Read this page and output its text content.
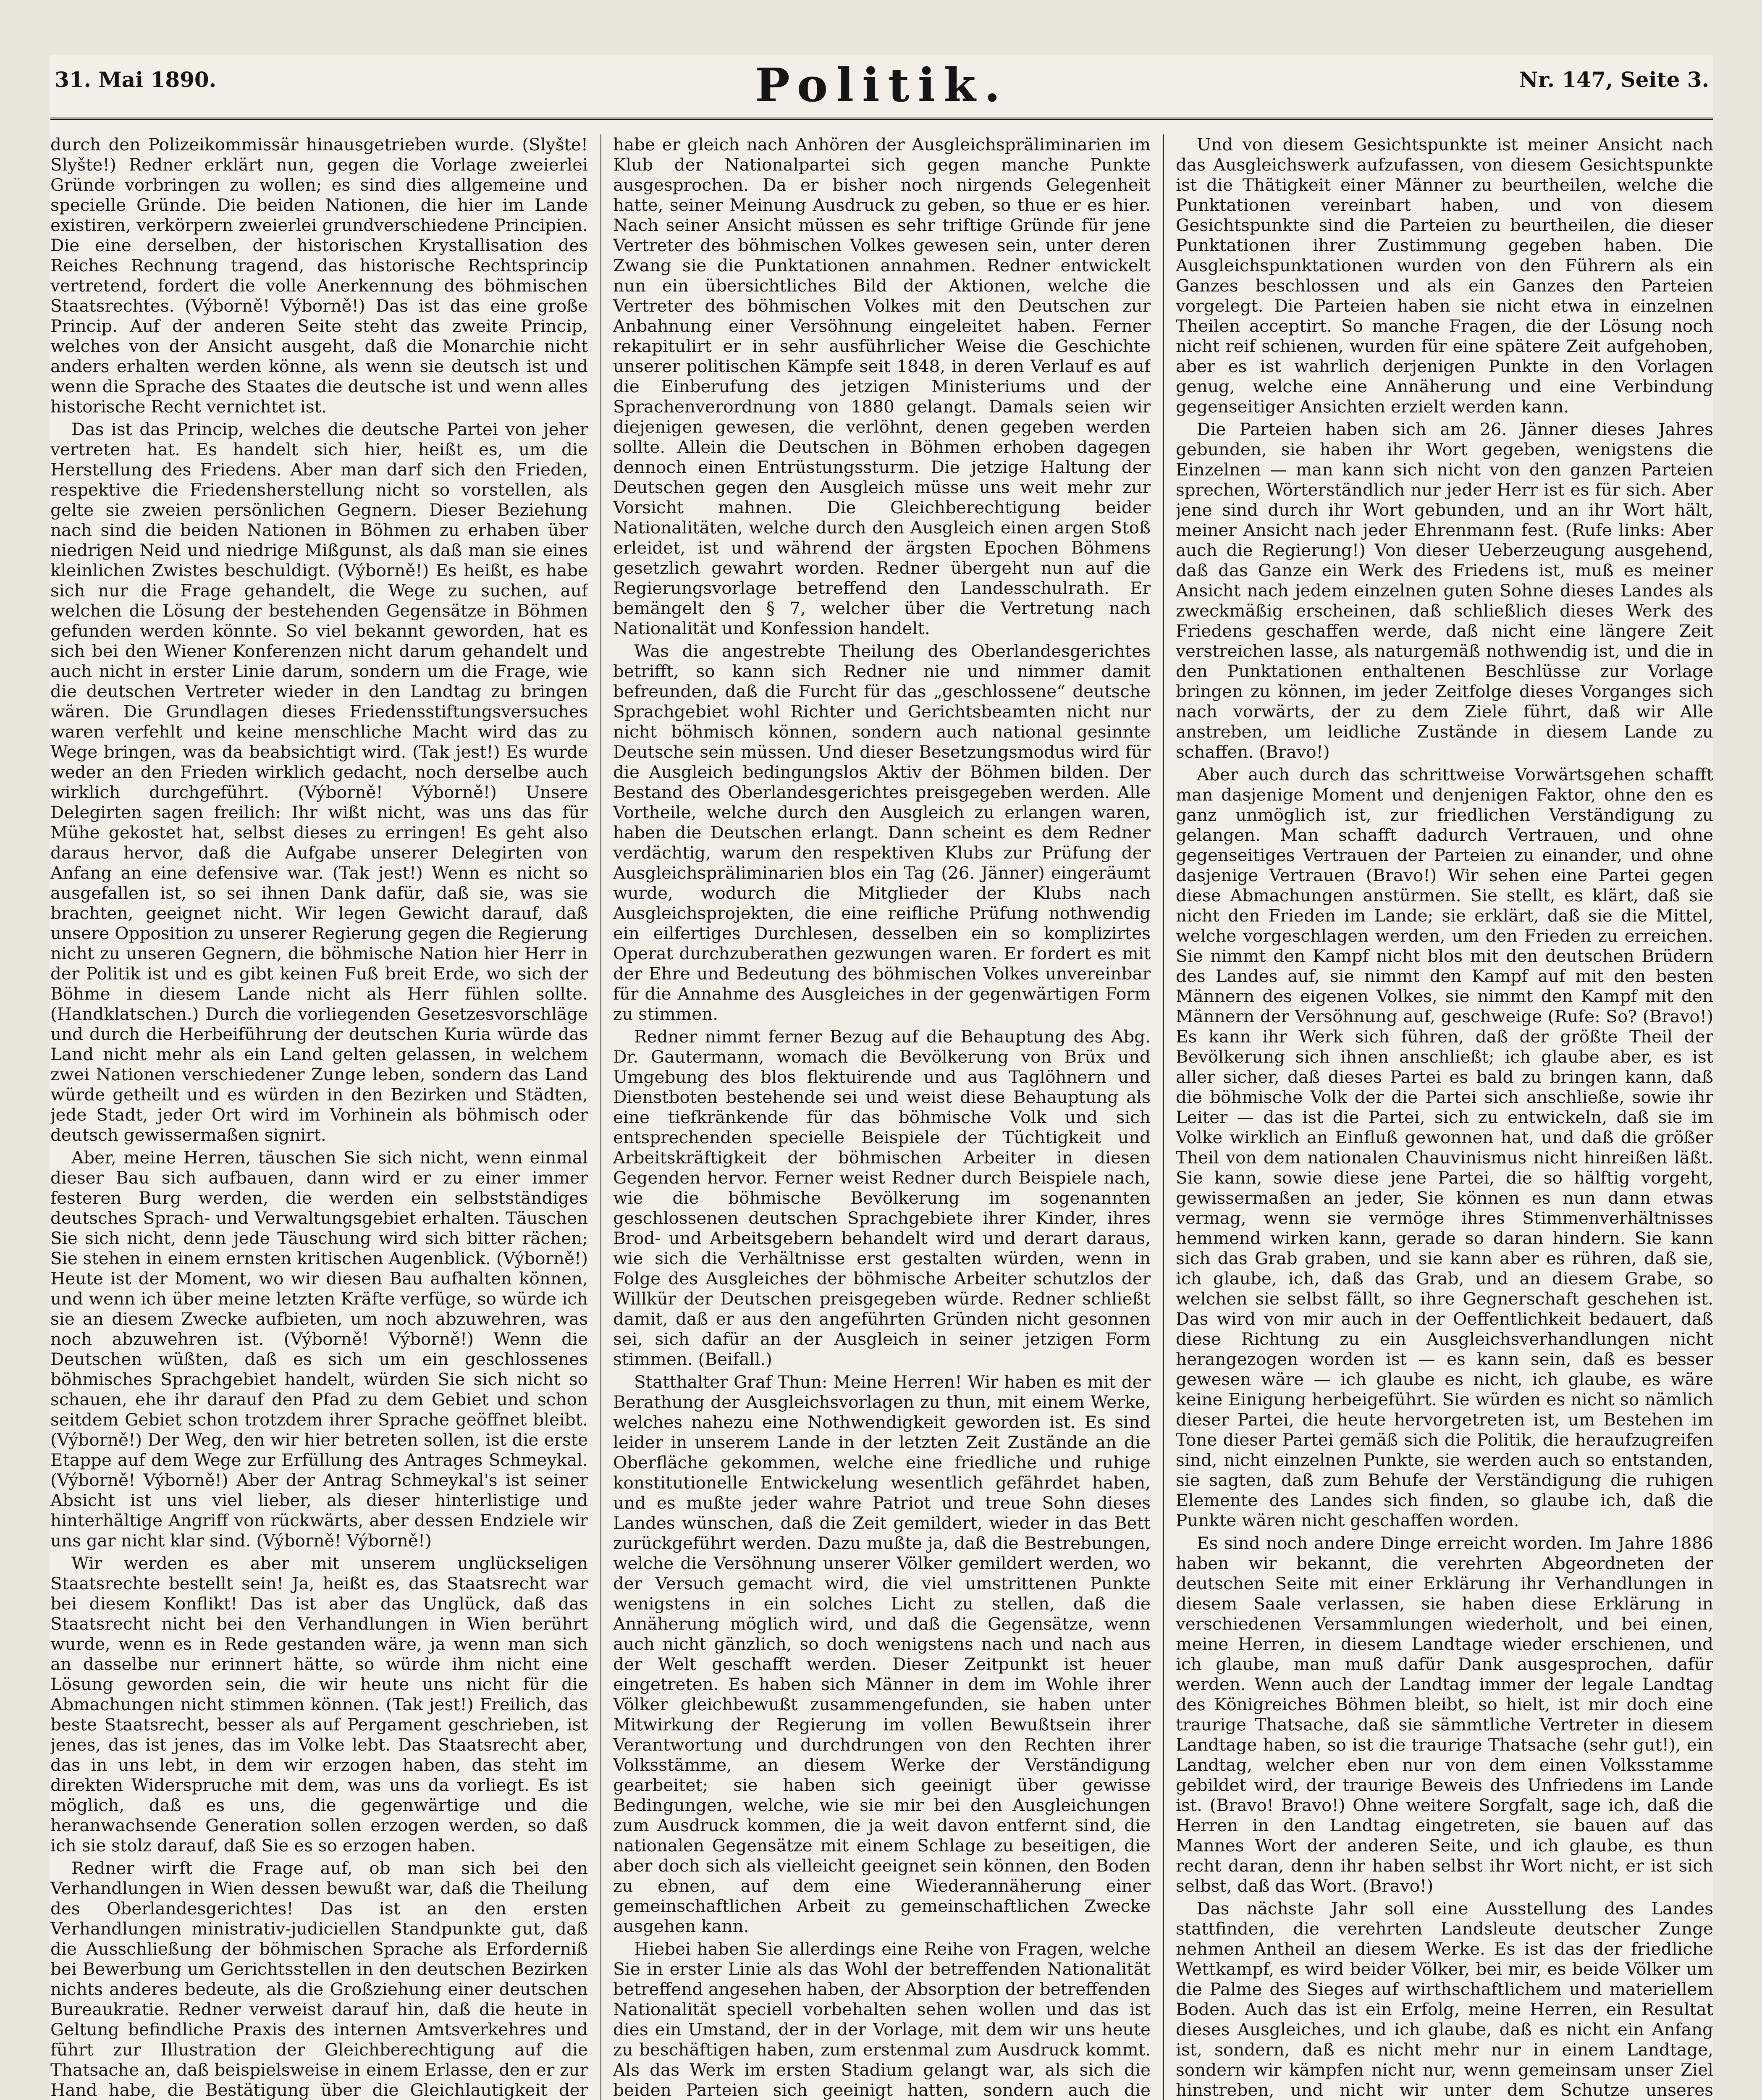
31. Mai 1890.	Politik.	Nr. 147, Seite 3.

durch den Polizeikommissär hinausgetrieben wurde. (Slyšte! Slyšte!) Redner erklärt nun, gegen die Vorlage zweierlei Gründe vorbringen zu wollen; es sind dies allgemeine und specielle Gründe. Die beiden Nationen, die hier im Lande existiren, verkörpern zweierlei grundverschiedene Principien. Die eine derselben, der historischen Krystallisation des Reiches Rechnung tragend, das historische Rechtsprincip vertretend, fordert die volle Anerkennung des böhmischen Staatsrechtes. (Výborně! Výborně!) Das ist das eine große Princip. Auf der anderen Seite steht das zweite Princip, welches von der Ansicht ausgeht, daß die Monarchie nicht anders erhalten werden könne, als wenn sie deutsch ist und wenn die Sprache des Staates die deutsche ist und wenn alles historische Recht vernichtet ist.

Das ist das Princip, welches die deutsche Partei von jeher vertreten hat. Es handelt sich hier, heißt es, um die Herstellung des Friedens. Aber man darf sich den Frieden, respektive die Friedensherstellung nicht so vorstellen, als gelte sie zweien persönlichen Gegnern. Dieser Beziehung nach sind die beiden Nationen in Böhmen zu erhaben über niedrigen Neid und niedrige Mißgunst, als daß man sie eines kleinlichen Zwistes beschuldigt. (Výborně!) Es heißt, es habe sich nur die Frage gehandelt, die Wege zu suchen, auf welchen die Lösung der bestehenden Gegensätze in Böhmen gefunden werden könnte. So viel bekannt geworden, hat es sich bei den Wiener Konferenzen nicht darum gehandelt und auch nicht in erster Linie darum, sondern um die Frage, wie die deutschen Vertreter wieder in den Landtag zu bringen wären. Die Grundlagen dieses Friedensstiftungsversuches waren verfehlt und keine menschliche Macht wird das zu Wege bringen, was da beabsichtigt wird. (Tak jest!) Es wurde weder an den Frieden wirklich gedacht, noch derselbe auch wirklich durchgeführt. (Výborně! Výborně!) Unsere Delegirten sagen freilich: Ihr wißt nicht, was uns das für Mühe gekostet hat, selbst dieses zu erringen! Es geht also daraus hervor, daß die Aufgabe unserer Delegirten von Anfang an eine defensive war. (Tak jest!) Wenn es nicht so ausgefallen ist, so sei ihnen Dank dafür, daß sie, was sie brachten, geeignet nicht. Wir legen Gewicht darauf, daß unsere Opposition zu unserer Regierung gegen die Regierung nicht zu unseren Gegnern, die böhmische Nation hier Herr in der Politik ist und es gibt keinen Fuß breit Erde, wo sich der Böhme in diesem Lande nicht als Herr fühlen sollte. (Handklatschen.) Durch die vorliegenden Gesetzesvorschläge und durch die Herbeiführung der deutschen Kuria würde das Land nicht mehr als ein Land gelten gelassen, in welchem zwei Nationen verschiedener Zunge leben, sondern das Land würde getheilt und es würden in den Bezirken und Städten, jede Stadt, jeder Ort wird im Vorhinein als böhmisch oder deutsch gewissermaßen signirt.

Aber, meine Herren, täuschen Sie sich nicht, wenn einmal dieser Bau sich aufbauen, dann wird er zu einer immer festeren Burg werden, die werden ein selbstständiges deutsches Sprach- und Verwaltungsgebiet erhalten. Täuschen Sie sich nicht, denn jede Täuschung wird sich bitter rächen; Sie stehen in einem ernsten kritischen Augenblick. (Výborně!) Heute ist der Moment, wo wir diesen Bau aufhalten können, und wenn ich über meine letzten Kräfte verfüge, so würde ich sie an diesem Zwecke aufbieten, um noch abzuwehren, was noch abzuwehren ist. (Výborně! Výborně!) Wenn die Deutschen wüßten, daß es sich um ein geschlossenes böhmisches Sprachgebiet handelt, würden Sie sich nicht so schauen, ehe ihr darauf den Pfad zu dem Gebiet und schon seitdem Gebiet schon trotzdem ihrer Sprache geöffnet bleibt. (Výborně!) Der Weg, den wir hier betreten sollen, ist die erste Etappe auf dem Wege zur Erfüllung des Antrages Schmeykal. (Výborně! Výborně!) Aber der Antrag Schmeykal's ist seiner Absicht ist uns viel lieber, als dieser hinterlistige und hinterhältige Angriff von rückwärts, aber dessen Endziele wir uns gar nicht klar sind. (Výborně! Výborně!)

Wir werden es aber mit unserem unglückseligen Staatsrechte bestellt sein! Ja, heißt es, das Staatsrecht war bei diesem Konflikt! Das ist aber das Unglück, daß das Staatsrecht nicht bei den Verhandlungen in Wien berührt wurde, wenn es in Rede gestanden wäre, ja wenn man sich an dasselbe nur erinnert hätte, so würde ihm nicht eine Lösung geworden sein, die wir heute uns nicht für die Abmachungen nicht stimmen können. (Tak jest!) Freilich, das beste Staatsrecht, besser als auf Pergament geschrieben, ist jenes, das ist jenes, das im Volke lebt. Das Staatsrecht aber, das in uns lebt, in dem wir erzogen haben, das steht im direkten Widerspruche mit dem, was uns da vorliegt. Es ist möglich, daß es uns, die gegenwärtige und die heranwachsende Generation sollen erzogen werden, so daß ich sie stolz darauf, daß Sie es so erzogen haben.

Redner wirft die Frage auf, ob man sich bei den Verhandlungen in Wien dessen bewußt war, daß die Theilung des Oberlandesgerichtes! Das ist an den ersten Verhandlungen ministrativ-judiciellen Standpunkte gut, daß die Ausschließung der böhmischen Sprache als Erforderniß bei Bewerbung um Gerichtsstellen in den deutschen Bezirken nichts anderes bedeute, als die Großziehung einer deutschen Bureaukratie. Redner verweist darauf hin, daß die heute in Geltung befindliche Praxis des internen Amtsverkehres und führt zur Illustration der Gleichberechtigung auf die Thatsache an, daß beispielsweise in einem Erlasse, den er zur Hand habe, die Bestätigung über die Gleichlautigkeit der

habe er gleich nach Anhören der Ausgleichspräliminarien im Klub der Nationalpartei sich gegen manche Punkte ausgesprochen. Da er bisher noch nirgends Gelegenheit hatte, seiner Meinung Ausdruck zu geben, so thue er es hier. Nach seiner Ansicht müssen es sehr triftige Gründe für jene Vertreter des böhmischen Volkes gewesen sein, unter deren Zwang sie die Punktationen annahmen. Redner entwickelt nun ein übersichtliches Bild der Aktionen, welche die Vertreter des böhmischen Volkes mit den Deutschen zur Anbahnung einer Versöhnung eingeleitet haben. Ferner rekapitulirt er in sehr ausführlicher Weise die Geschichte unserer politischen Kämpfe seit 1848, in deren Verlauf es auf die Einberufung des jetzigen Ministeriums und der Sprachenverordnung von 1880 gelangt. Damals seien wir diejenigen gewesen, die verlöhnt, denen gegeben werden sollte. Allein die Deutschen in Böhmen erhoben dagegen dennoch einen Entrüstungssturm. Die jetzige Haltung der Deutschen gegen den Ausgleich müsse uns weit mehr zur Vorsicht mahnen. Die Gleichberechtigung beider Nationalitäten, welche durch den Ausgleich einen argen Stoß erleidet, ist und während der ärgsten Epochen Böhmens gesetzlich gewahrt worden. Redner übergeht nun auf die Regierungsvorlage betreffend den Landesschulrath. Er bemängelt den § 7, welcher über die Vertretung nach Nationalität und Konfession handelt.

Was die angestrebte Theilung des Oberlandesgerichtes betrifft, so kann sich Redner nie und nimmer damit befreunden, daß die Furcht für das „geschlossene“ deutsche Sprachgebiet wohl Richter und Gerichtsbeamten nicht nur nicht böhmisch können, sondern auch national gesinnte Deutsche sein müssen. Und dieser Besetzungsmodus wird für die Ausgleich bedingungslos Aktiv der Böhmen bilden. Der Bestand des Oberlandesgerichtes preisgegeben werden. Alle Vortheile, welche durch den Ausgleich zu erlangen waren, haben die Deutschen erlangt. Dann scheint es dem Redner verdächtig, warum den respektiven Klubs zur Prüfung der Ausgleichspräliminarien blos ein Tag (26. Jänner) eingeräumt wurde, wodurch die Mitglieder der Klubs nach Ausgleichsprojekten, die eine reifliche Prüfung nothwendig ein eilfertiges Durchlesen, desselben ein so komplizirtes Operat durchzuberathen gezwungen waren. Er fordert es mit der Ehre und Bedeutung des böhmischen Volkes unvereinbar für die Annahme des Ausgleiches in der gegenwärtigen Form zu stimmen.

Redner nimmt ferner Bezug auf die Behauptung des Abg. Dr. Gautermann, womach die Bevölkerung von Brüx und Umgebung des blos flektuirende und aus Taglöhnern und Dienstboten bestehende sei und weist diese Behauptung als eine tiefkränkende für das böhmische Volk und sich entsprechenden specielle Beispiele der Tüchtigkeit und Arbeitskräftigkeit der böhmischen Arbeiter in diesen Gegenden hervor. Ferner weist Redner durch Beispiele nach, wie die böhmische Bevölkerung im sogenannten geschlossenen deutschen Sprachgebiete ihrer Kinder, ihres Brod- und Arbeitsgebern behandelt wird und derart daraus, wie sich die Verhältnisse erst gestalten würden, wenn in Folge des Ausgleiches der böhmische Arbeiter schutzlos der Willkür der Deutschen preisgegeben würde. Redner schließt damit, daß er aus den angeführten Gründen nicht gesonnen sei, sich dafür an der Ausgleich in seiner jetzigen Form stimmen. (Beifall.)

Statthalter Graf Thun: Meine Herren! Wir haben es mit der Berathung der Ausgleichsvorlagen zu thun, mit einem Werke, welches nahezu eine Nothwendigkeit geworden ist. Es sind leider in unserem Lande in der letzten Zeit Zustände an die Oberfläche gekommen, welche eine friedliche und ruhige konstitutionelle Entwickelung wesentlich gefährdet haben, und es mußte jeder wahre Patriot und treue Sohn dieses Landes wünschen, daß die Zeit gemildert, wieder in das Bett zurückgeführt werden. Dazu mußte ja, daß die Bestrebungen, welche die Versöhnung unserer Völker gemildert werden, wo der Versuch gemacht wird, die viel umstrittenen Punkte wenigstens in ein solches Licht zu stellen, daß die Annäherung möglich wird, und daß die Gegensätze, wenn auch nicht gänzlich, so doch wenigstens nach und nach aus der Welt geschafft werden. Dieser Zeitpunkt ist heuer eingetreten. Es haben sich Männer in dem im Wohle ihrer Völker gleichbewußt zusammengefunden, sie haben unter Mitwirkung der Regierung im vollen Bewußtsein ihrer Verantwortung und durchdrungen von den Rechten ihrer Volksstämme, an diesem Werke der Verständigung gearbeitet; sie haben sich geeinigt über gewisse Bedingungen, welche, wie sie mir bei den Ausgleichungen zum Ausdruck kommen, die ja weit davon entfernt sind, die nationalen Gegensätze mit einem Schlage zu beseitigen, die aber doch sich als vielleicht geeignet sein können, den Boden zu ebnen, auf dem eine Wiederannäherung einer gemeinschaftlichen Arbeit zu gemeinschaftlichen Zwecke ausgehen kann.

Hiebei haben Sie allerdings eine Reihe von Fragen, welche Sie in erster Linie als das Wohl der betreffenden Nationalität betreffend angesehen haben, der Absorption der betreffenden Nationalität speciell vorbehalten sehen wollen und das ist dies ein Umstand, der in der Vorlage, mit dem wir uns heute zu beschäftigen haben, zum erstenmal zum Ausdruck kommt. Als das Werk im ersten Stadium gelangt war, als sich die beiden Parteien sich geeinigt hatten, sondern auch die

Und von diesem Gesichtspunkte ist meiner Ansicht nach das Ausgleichswerk aufzufassen, von diesem Gesichtspunkte ist die Thätigkeit einer Männer zu beurtheilen, welche die Punktationen vereinbart haben, und von diesem Gesichtspunkte sind die Parteien zu beurtheilen, die dieser Punktationen ihrer Zustimmung gegeben haben. Die Ausgleichspunktationen wurden von den Führern als ein Ganzes beschlossen und als ein Ganzes den Parteien vorgelegt. Die Parteien haben sie nicht etwa in einzelnen Theilen acceptirt. So manche Fragen, die der Lösung noch nicht reif schienen, wurden für eine spätere Zeit aufgehoben, aber es ist wahrlich derjenigen Punkte in den Vorlagen genug, welche eine Annäherung und eine Verbindung gegenseitiger Ansichten erzielt werden kann.

Die Parteien haben sich am 26. Jänner dieses Jahres gebunden, sie haben ihr Wort gegeben, wenigstens die Einzelnen — man kann sich nicht von den ganzen Parteien sprechen, Wörterständlich nur jeder Herr ist es für sich. Aber jene sind durch ihr Wort gebunden, und an ihr Wort hält, meiner Ansicht nach jeder Ehrenmann fest. (Rufe links: Aber auch die Regierung!) Von dieser Ueberzeugung ausgehend, daß das Ganze ein Werk des Friedens ist, muß es meiner Ansicht nach jedem einzelnen guten Sohne dieses Landes als zweckmäßig erscheinen, daß schließlich dieses Werk des Friedens geschaffen werde, daß nicht eine längere Zeit verstreichen lasse, als naturgemäß nothwendig ist, und die in den Punktationen enthaltenen Beschlüsse zur Vorlage bringen zu können, im jeder Zeitfolge dieses Vorganges sich nach vorwärts, der zu dem Ziele führt, daß wir Alle anstreben, um leidliche Zustände in diesem Lande zu schaffen. (Bravo!)

Aber auch durch das schrittweise Vorwärtsgehen schafft man dasjenige Moment und denjenigen Faktor, ohne den es ganz unmöglich ist, zur friedlichen Verständigung zu gelangen. Man schafft dadurch Vertrauen, und ohne gegenseitiges Vertrauen der Parteien zu einander, und ohne dasjenige Vertrauen (Bravo!) Wir sehen eine Partei gegen diese Abmachungen anstürmen. Sie stellt, es klärt, daß sie nicht den Frieden im Lande; sie erklärt, daß sie die Mittel, welche vorgeschlagen werden, um den Frieden zu erreichen. Sie nimmt den Kampf nicht blos mit den deutschen Brüdern des Landes auf, sie nimmt den Kampf auf mit den besten Männern des eigenen Volkes, sie nimmt den Kampf mit den Männern der Versöhnung auf, geschweige (Rufe: So? (Bravo!) Es kann ihr Werk sich führen, daß der größte Theil der Bevölkerung sich ihnen anschließt; ich glaube aber, es ist aller sicher, daß dieses Partei es bald zu bringen kann, daß die böhmische Volk der die Partei sich anschließe, sowie ihr Leiter — das ist die Partei, sich zu entwickeln, daß sie im Volke wirklich an Einfluß gewonnen hat, und daß die größer Theil von dem nationalen Chauvinismus nicht hinreißen läßt. Sie kann, sowie diese jene Partei, die so hälftig vorgeht, gewissermaßen an jeder, Sie können es nun dann etwas vermag, wenn sie vermöge ihres Stimmenverhältnisses hemmend wirken kann, gerade so daran hindern. Sie kann sich das Grab graben, und sie kann aber es rühren, daß sie, ich glaube, ich, daß das Grab, und an diesem Grabe, so welchen sie selbst fällt, so ihre Gegnerschaft geschehen ist. Das wird von mir auch in der Oeffentlichkeit bedauert, daß diese Richtung zu ein Ausgleichsverhandlungen nicht herangezogen worden ist — es kann sein, daß es besser gewesen wäre — ich glaube es nicht, ich glaube, es wäre keine Einigung herbeigeführt. Sie würden es nicht so nämlich dieser Partei, die heute hervorgetreten ist, um Bestehen im Tone dieser Partei gemäß sich die Politik, die heraufzugreifen sind, nicht einzelnen Punkte, sie werden auch so entstanden, sie sagten, daß zum Behufe der Verständigung die ruhigen Elemente des Landes sich finden, so glaube ich, daß die Punkte wären nicht geschaffen worden.

Es sind noch andere Dinge erreicht worden. Im Jahre 1886 haben wir bekannt, die verehrten Abgeordneten der deutschen Seite mit einer Erklärung ihr Verhandlungen in diesem Saale verlassen, sie haben diese Erklärung in verschiedenen Versammlungen wiederholt, und bei einen, meine Herren, in diesem Landtage wieder erschienen, und ich glaube, man muß dafür Dank ausgesprochen, dafür werden. Wenn auch der Landtag immer der legale Landtag des Königreiches Böhmen bleibt, so hielt, ist mir doch eine traurige Thatsache, daß sie sämmtliche Vertreter in diesem Landtage haben, so ist die traurige Thatsache (sehr gut!), ein Landtag, welcher eben nur von dem einen Volksstamme gebildet wird, der traurige Beweis des Unfriedens im Lande ist. (Bravo! Bravo!) Ohne weitere Sorgfalt, sage ich, daß die Herren in den Landtag eingetreten, sie bauen auf das Mannes Wort der anderen Seite, und ich glaube, es thun recht daran, denn ihr haben selbst ihr Wort nicht, er ist sich selbst, daß das Wort. (Bravo!)

Das nächste Jahr soll eine Ausstellung des Landes stattfinden, die verehrten Landsleute deutscher Zunge nehmen Antheil an diesem Werke. Es ist das der friedliche Wettkampf, es wird beider Völker, bei mir, es beide Völker um die Palme des Sieges auf wirthschaftlichem und materiellem Boden. Auch das ist ein Erfolg, meine Herren, ein Resultat dieses Ausgleiches, und ich glaube, daß es nicht ein Anfang ist, sondern, daß es nicht mehr nur in einem Landtage, sondern wir kämpfen nicht nur, wenn gemeinsam unser Ziel hinstreben, und nicht wir unter dem Schutze unseres
